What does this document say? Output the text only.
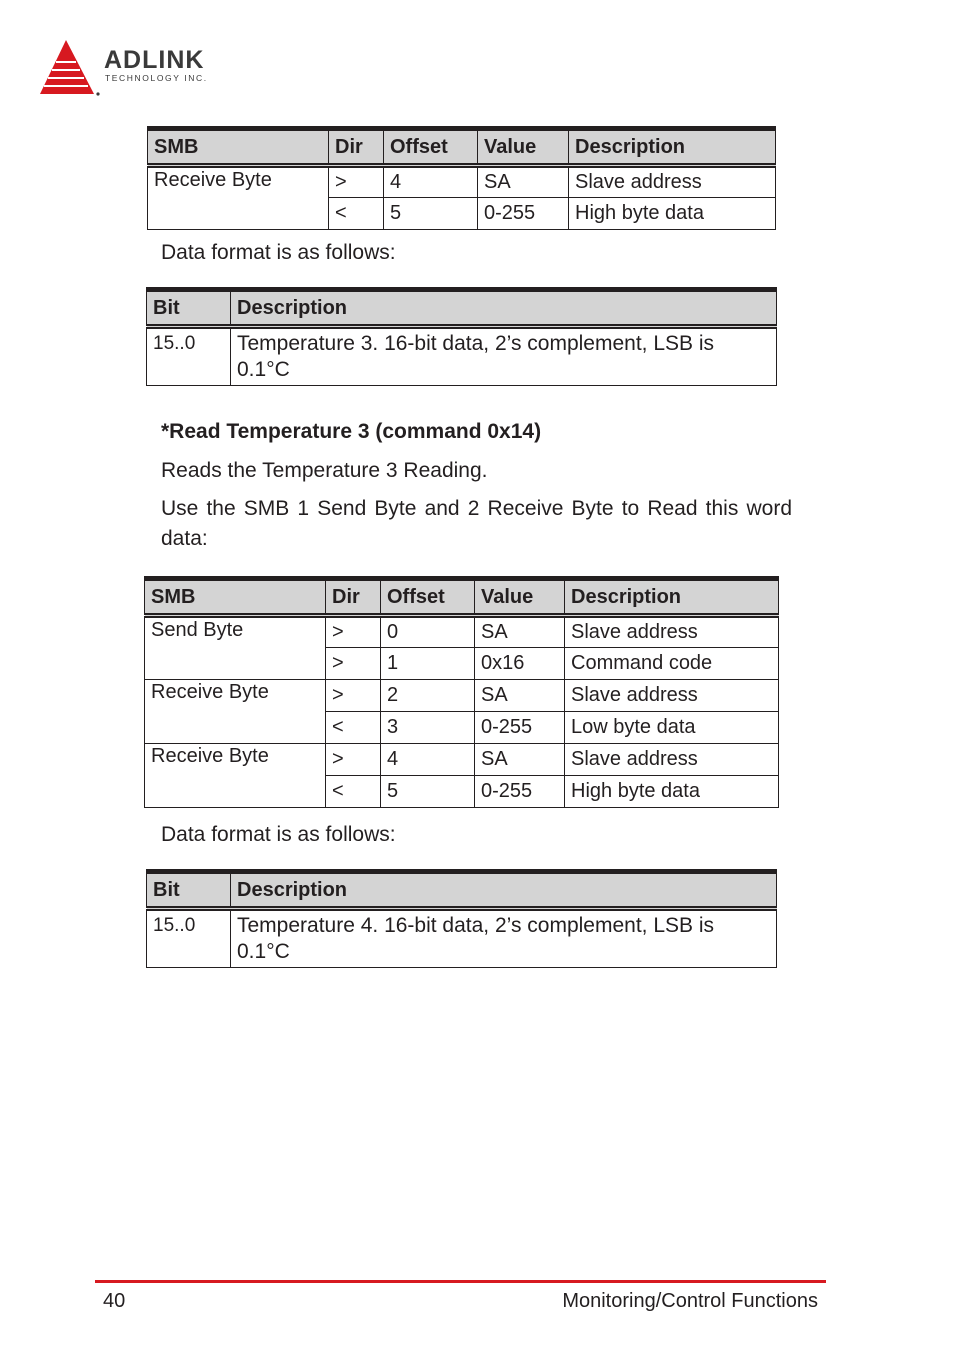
ADLINK
TECHNOLOGY INC.
SMB	Dir	Offset	Value	Description
Receive Byte	>	4	SA	Slave address
	<	5	0-255	High byte data
Data format is as follows:
Bit	Description
15..0	Temperature 3. 16-bit data, 2’s complement, LSB is 0.1°C
*Read Temperature 3 (command 0x14)
Reads the Temperature 3 Reading.
Use the SMB 1 Send Byte and 2 Receive Byte to Read this word data:
SMB	Dir	Offset	Value	Description
Send Byte	>	0	SA	Slave address
	>	1	0x16	Command code
Receive Byte	>	2	SA	Slave address
	<	3	0-255	Low byte data
Receive Byte	>	4	SA	Slave address
	<	5	0-255	High byte data
Data format is as follows:
Bit	Description
15..0	Temperature 4. 16-bit data, 2’s complement, LSB is 0.1°C
40	Monitoring/Control Functions
